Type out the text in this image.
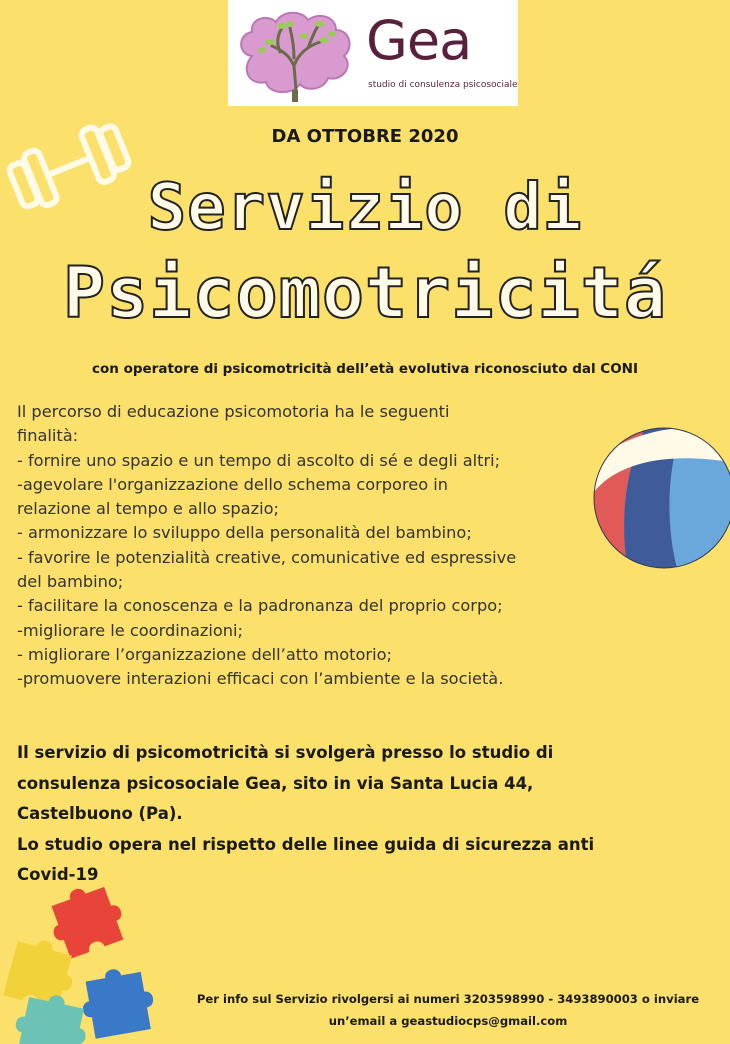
Gea
studio di consulenza psicosociale
DA OTTOBRE 2020
Servizio di
Psicomotricitá
con operatore di psicomotricità dell’età evolutiva riconosciuto dal CONI
Il percorso di educazione psicomotoria ha le seguenti
finalità:
- fornire uno spazio e un tempo di ascolto di sé e degli altri;
-agevolare l'organizzazione dello schema corporeo in
relazione al tempo e allo spazio;
- armonizzare lo sviluppo della personalità del bambino;
- favorire le potenzialità creative, comunicative ed espressive
del bambino;
- facilitare la conoscenza e la padronanza del proprio corpo;
-migliorare le coordinazioni;
- migliorare l’organizzazione dell’atto motorio;
-promuovere interazioni efficaci con l’ambiente e la società.
Il servizio di psicomotricità si svolgerà presso lo studio di
consulenza psicosociale Gea, sito in via Santa Lucia 44,
Castelbuono (Pa).
Lo studio opera nel rispetto delle linee guida di sicurezza anti
Covid-19
Per info sul Servizio rivolgersi ai numeri 3203598990 - 3493890003 o inviare
un’email a geastudiocps@gmail.com
